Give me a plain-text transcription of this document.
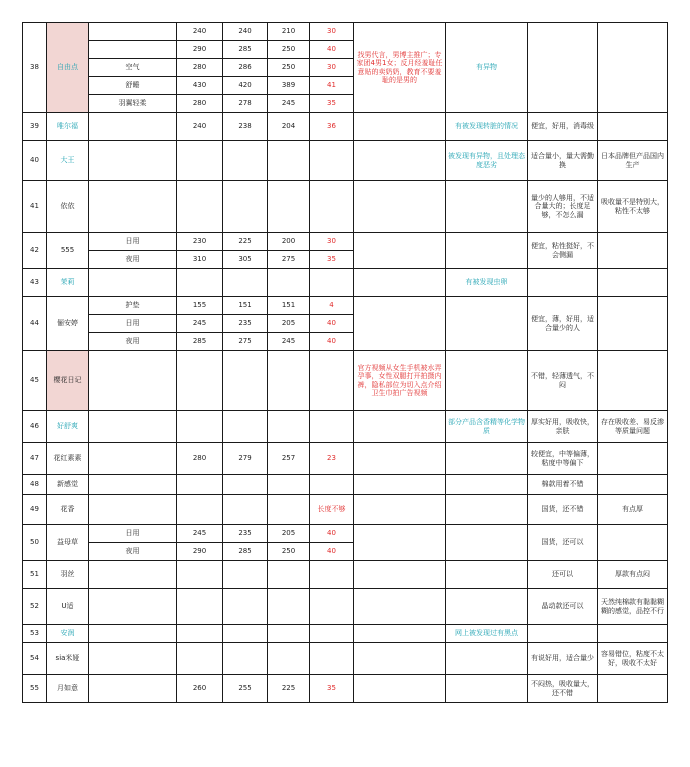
38	自由点		240	240	210	30	找男代言，男博主推广；专家团4男1女；反月经羞耻任意贴的卖奶奶，教育不要羞耻的是男的	有异物		
			290	285	250	40				
		空气	280	286	250	30				
		舒睡	430	420	389	41				
		羽翼轻柔	280	278	245	35				
39	唯尔福		240	238	204	36		有被发现转脏的情况	便宜，好用，消毒级	
40	大王							被发现有异物，且处理态度恶劣	适合量小，量大需勤换	日本品牌但产品国内生产
41	依依								量少的人够用，不适合量大的；长度足够，不怎么漏	吸收量不是特别大，粘性不太够
42	555	日用	230	225	200	30			便宜，粘性挺好，不会侧漏	
		夜用	310	305	275	35				
43	茉莉							有被发现虫卵		
44	俪安婷	护垫	155	151	151	4			便宜，薄，好用，适合量少的人	
		日用	245	235	205	40				
		夜用	285	275	245	40				
45	樱花日记						官方视频从女生手机被水弄孕事，女性双腿打开拍摄内裤，隐私部位为切入点介绍卫生巾拍广告视频		不错，轻薄透气，不闷	
46	好舒爽							部分产品含香精等化学物质	厚实好用，吸收快，亲肤	存在吸收差、易反渗等质量问题
47	花红素素		280	279	257	23			较便宜，中等偏薄，粘度中等偏下	
48	新感觉								棉款用着不错	
49	花香					长度不够			国货，还不错	有点厚
50	益母草	日用	245	235	205	40			国货，还可以	
		夜用	290	285	250	40				
51	羽丝								还可以	厚款有点闷
52	U适								晶动款还可以	天然纯棉款有黏黏糊糊的感觉，品控不行
53	安润							网上被发现过有黑点		
54	sia米娅								有说好用，适合量少	容易错位，粘度不太好，吸收不太好
55	月如意		260	255	225	35			不闷热，吸收量大，还不错	
